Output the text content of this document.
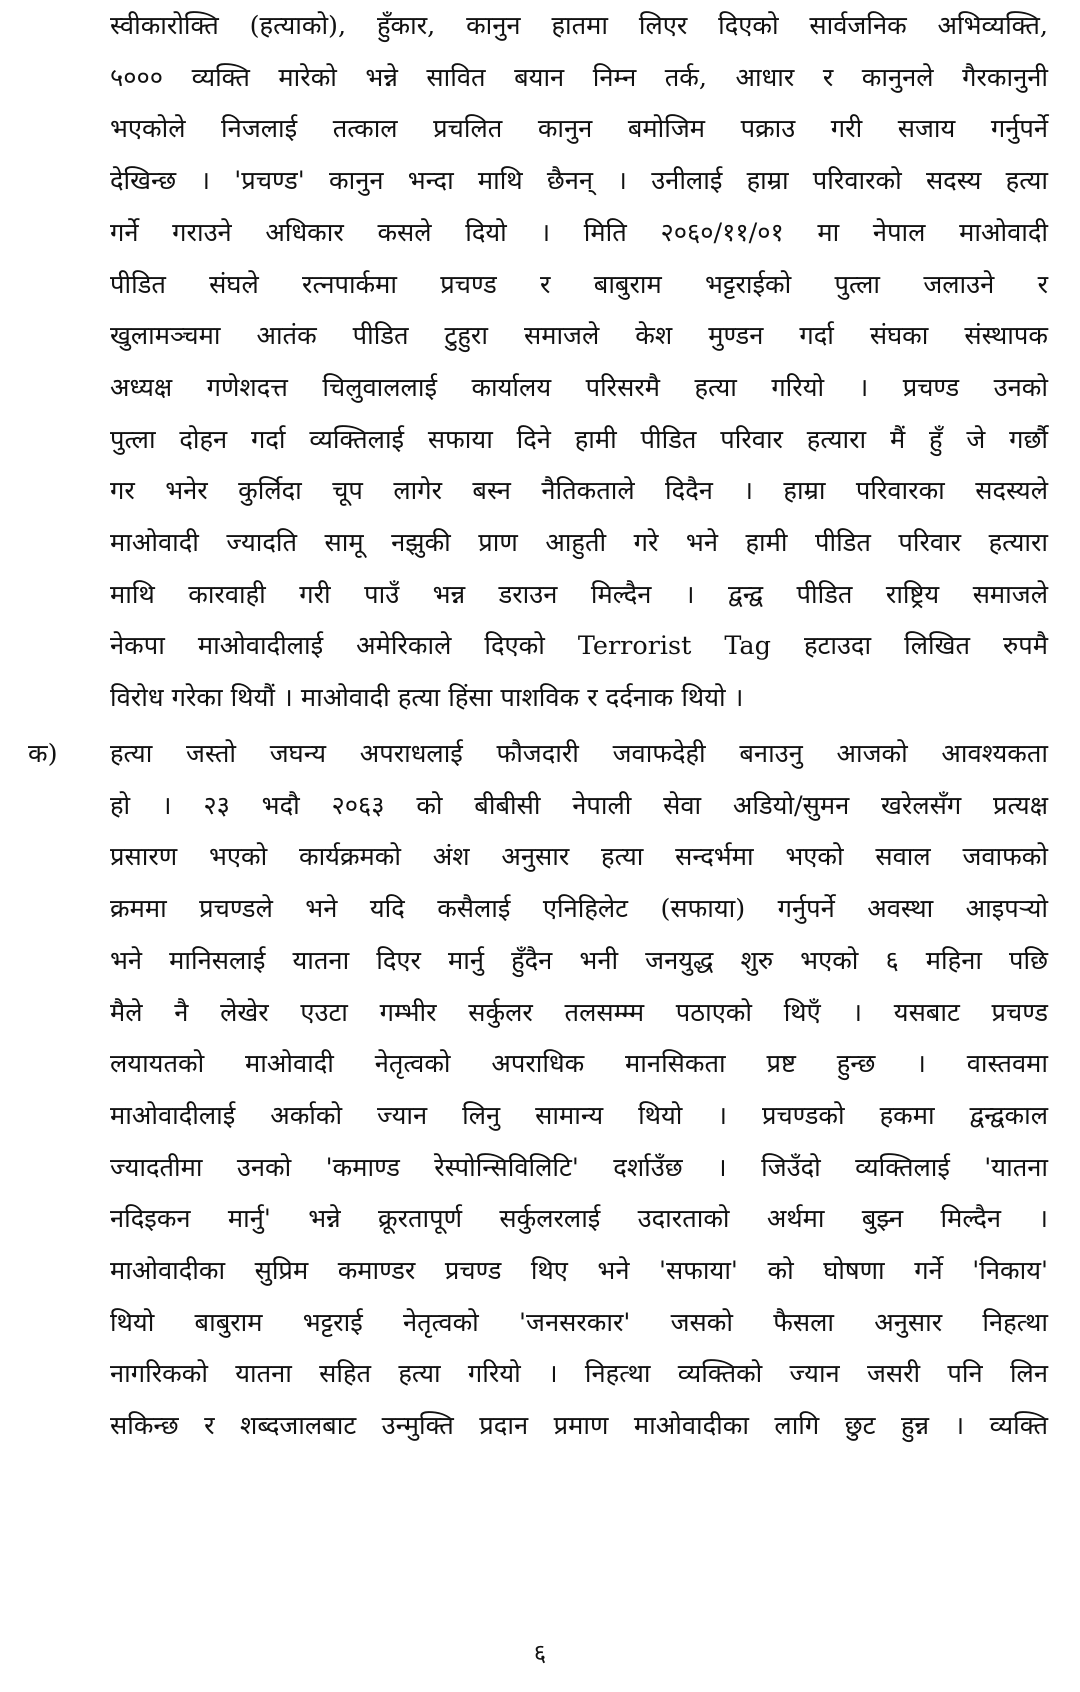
स्वीकारोक्ति (हत्याको), हुँकार, कानुन हातमा लिएर दिएको सार्वजनिक अभिव्यक्ति,
५००० व्यक्ति मारेको भन्ने सावित बयान निम्न तर्क, आधार र कानुनले गैरकानुनी
भएकोले निजलाई तत्काल प्रचलित कानुन बमोजिम पक्राउ गरी सजाय गर्नुपर्ने
देखिन्छ । 'प्रचण्ड' कानुन भन्दा माथि छैनन् । उनीलाई हाम्रा परिवारको सदस्य हत्या
गर्ने गराउने अधिकार कसले दियो । मिति २०६०/११/०१ मा नेपाल माओवादी
पीडित संघले रत्नपार्कमा प्रचण्ड र बाबुराम भट्टराईको पुत्ला जलाउने र
खुलामञ्चमा आतंक पीडित टुहुरा समाजले केश मुण्डन गर्दा संघका संस्थापक
अध्यक्ष गणेशदत्त चिलुवाललाई कार्यालय परिसरमै हत्या गरियो । प्रचण्ड उनको
पुत्ला दोहन गर्दा व्यक्तिलाई सफाया दिने हामी पीडित परिवार हत्यारा मैं हुँ जे गर्छौ
गर भनेर कुर्लिदा चूप लागेर बस्न नैतिकताले दिदैन । हाम्रा परिवारका सदस्यले
माओवादी ज्यादति सामू नझुकी प्राण आहुती गरे भने हामी पीडित परिवार हत्यारा
माथि कारवाही गरी पाउँ भन्न डराउन मिल्दैन । द्वन्द्व पीडित राष्ट्रिय समाजले
नेकपा माओवादीलाई अमेरिकाले दिएको Terrorist Tag हटाउदा लिखित रुपमै
विरोध गरेका थियौं । माओवादी हत्या हिंसा पाशविक र दर्दनाक थियो ।
क) हत्या जस्तो जघन्य अपराधलाई फौजदारी जवाफदेही बनाउनु आजको आवश्यकता
हो । २३ भदौ २०६३ को बीबीसी नेपाली सेवा अडियो/सुमन खरेलसँग प्रत्यक्ष
प्रसारण भएको कार्यक्रमको अंश अनुसार हत्या सन्दर्भमा भएको सवाल जवाफको
क्रममा प्रचण्डले भने यदि कसैलाई एनिहिलेट (सफाया) गर्नुपर्ने अवस्था आइपऱ्यो
भने मानिसलाई यातना दिएर मार्नु हुँदैन भनी जनयुद्ध शुरु भएको ६ महिना पछि
मैले नै लेखेर एउटा गम्भीर सर्कुलर तलसम्म्म पठाएको थिएँ । यसबाट प्रचण्ड
लयायतको माओवादी नेतृत्वको अपराधिक मानसिकता प्रष्ट हुन्छ । वास्तवमा
माओवादीलाई अर्काको ज्यान लिनु सामान्य थियो । प्रचण्डको हकमा द्वन्द्वकाल
ज्यादतीमा उनको 'कमाण्ड रेस्पोन्सिविलिटि' दर्शाउँछ । जिउँदो व्यक्तिलाई 'यातना
नदिइकन मार्नु' भन्ने क्रूरतापूर्ण सर्कुलरलाई उदारताको अर्थमा बुझ्न मिल्दैन ।
माओवादीका सुप्रिम कमाण्डर प्रचण्ड थिए भने 'सफाया' को घोषणा गर्ने 'निकाय'
थियो बाबुराम भट्टराई नेतृत्वको 'जनसरकार' जसको फैसला अनुसार निहत्था
नागरिकको यातना सहित हत्या गरियो । निहत्था व्यक्तिको ज्यान जसरी पनि लिन
सकिन्छ र शब्दजालबाट उन्मुक्ति प्रदान प्रमाण माओवादीका लागि छुट हुन्न । व्यक्ति
६
